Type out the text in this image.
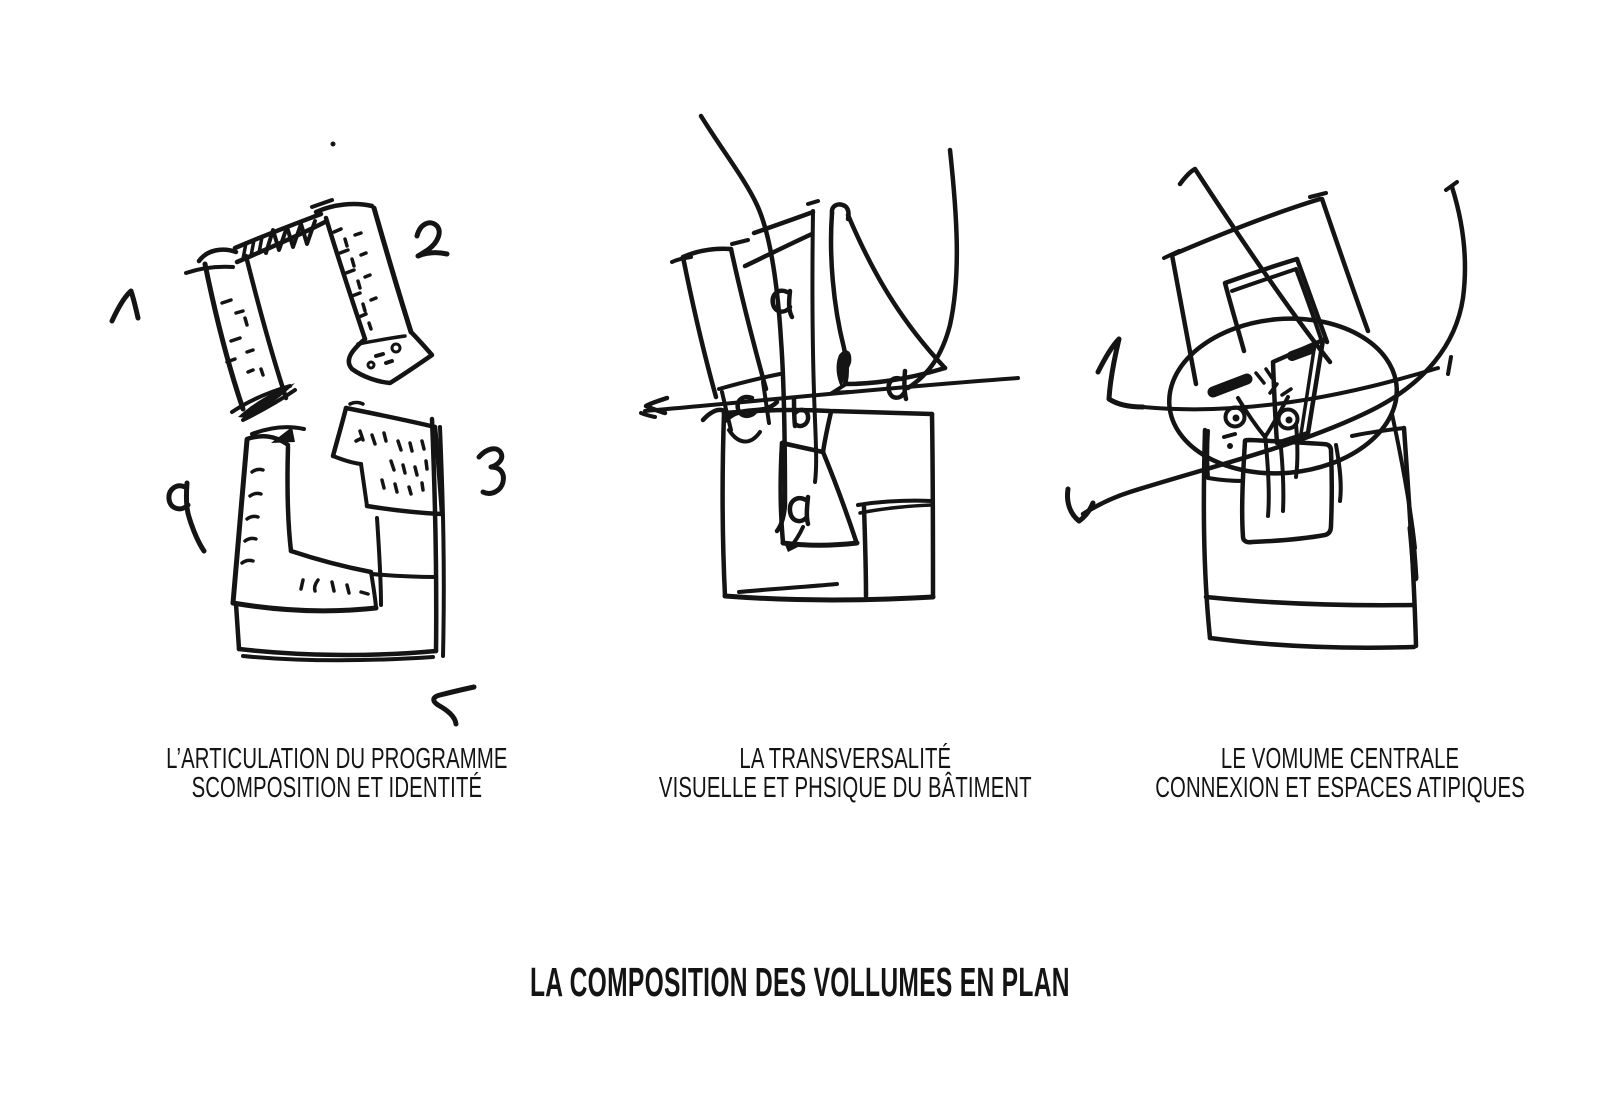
L’ARTICULATION DU PROGRAMME
SCOMPOSITION ET IDENTITÉ
LA TRANSVERSALITÉ
VISUELLE ET PHSIQUE DU BÂTIMENT
LE VOMUME CENTRALE
CONNEXION ET ESPACES ATIPIQUES
LA COMPOSITION DES VOLLUMES EN PLAN
